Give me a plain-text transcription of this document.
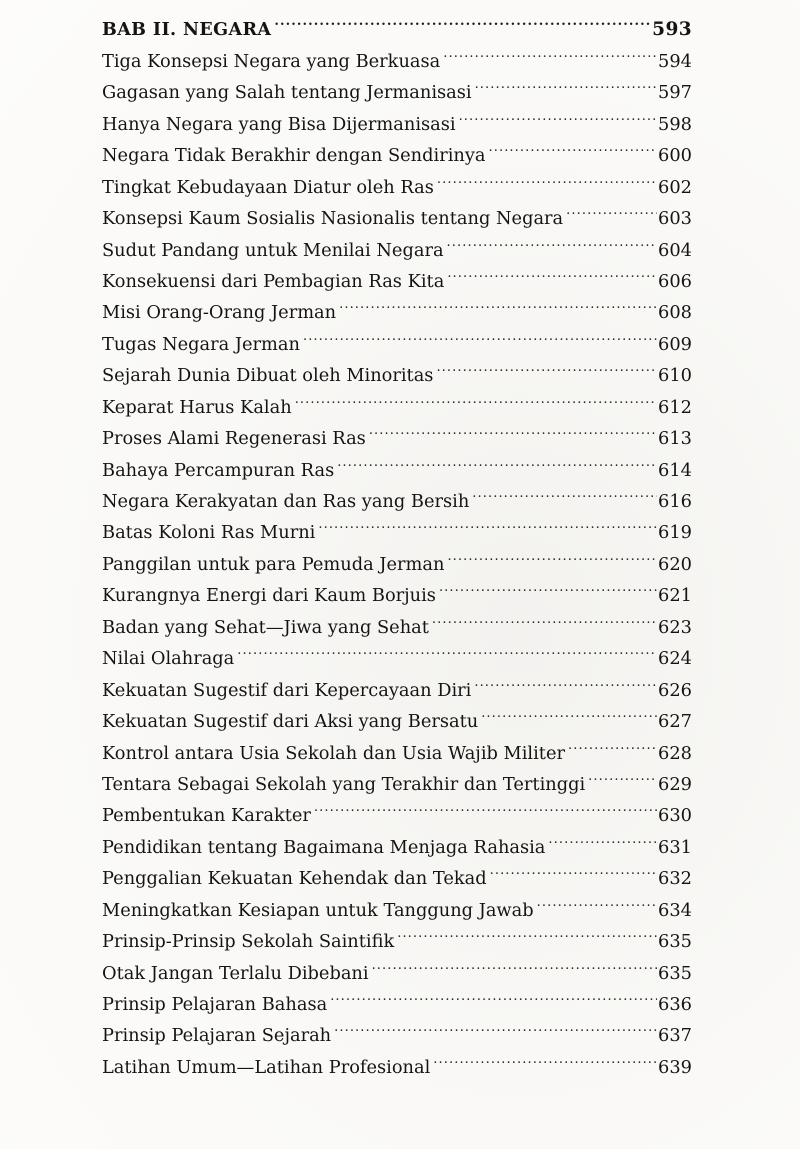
BAB II. NEGARA .....	593
Tiga Konsepsi Negara yang Berkuasa .....	594
Gagasan yang Salah tentang Jermanisasi .....	597
Hanya Negara yang Bisa Dijermanisasi .....	598
Negara Tidak Berakhir dengan Sendirinya .....	600
Tingkat Kebudayaan Diatur oleh Ras .....	602
Konsepsi Kaum Sosialis Nasionalis tentang Negara .....	603
Sudut Pandang untuk Menilai Negara .....	604
Konsekuensi dari Pembagian Ras Kita .....	606
Misi Orang-Orang Jerman .....	608
Tugas Negara Jerman .....	609
Sejarah Dunia Dibuat oleh Minoritas .....	610
Keparat Harus Kalah .....	612
Proses Alami Regenerasi Ras .....	613
Bahaya Percampuran Ras .....	614
Negara Kerakyatan dan Ras yang Bersih .....	616
Batas Koloni Ras Murni .....	619
Panggilan untuk para Pemuda Jerman .....	620
Kurangnya Energi dari Kaum Borjuis .....	621
Badan yang Sehat—Jiwa yang Sehat .....	623
Nilai Olahraga .....	624
Kekuatan Sugestif dari Kepercayaan Diri .....	626
Kekuatan Sugestif dari Aksi yang Bersatu .....	627
Kontrol antara Usia Sekolah dan Usia Wajib Militer .....	628
Tentara Sebagai Sekolah yang Terakhir dan Tertinggi .....	629
Pembentukan Karakter .....	630
Pendidikan tentang Bagaimana Menjaga Rahasia .....	631
Penggalian Kekuatan Kehendak dan Tekad .....	632
Meningkatkan Kesiapan untuk Tanggung Jawab .....	634
Prinsip-Prinsip Sekolah Saintifik .....	635
Otak Jangan Terlalu Dibebani .....	635
Prinsip Pelajaran Bahasa .....	636
Prinsip Pelajaran Sejarah .....	637
Latihan Umum—Latihan Profesional .....	639
